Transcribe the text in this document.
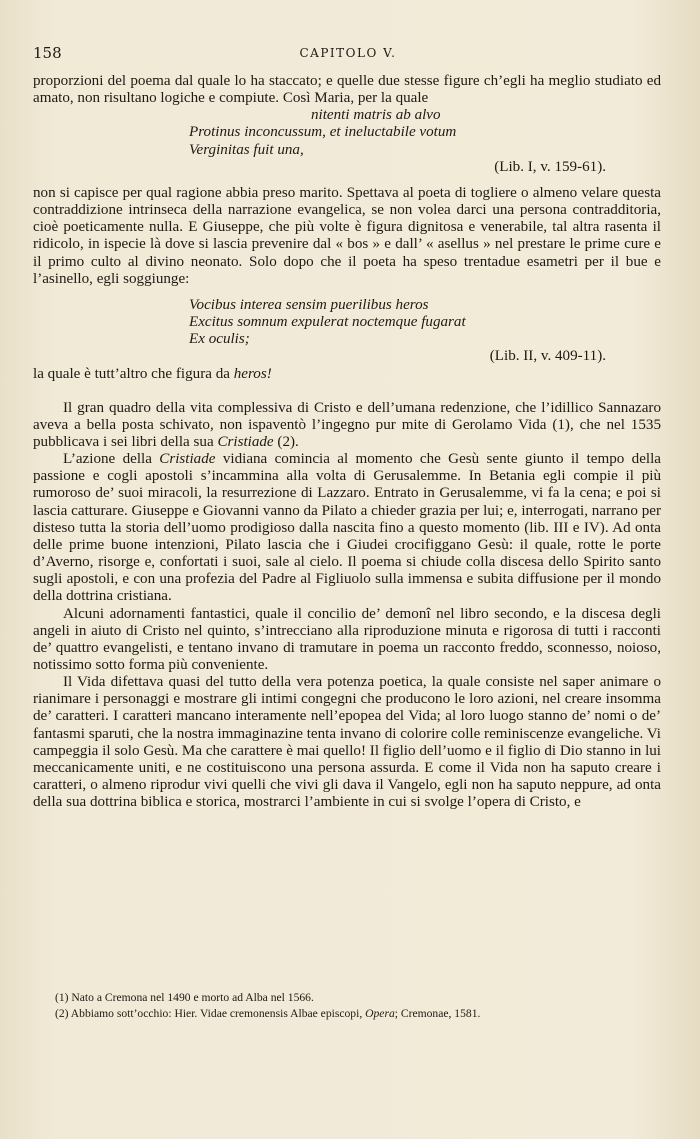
158	CAPITOLO V.

proporzioni del poema dal quale lo ha staccato; e quelle due stesse figure ch’egli ha meglio studiato ed amato, non risultano logiche e compiute. Così Maria, per la quale

nitenti matris ab alvo
Protinus inconcussum, et ineluctabile votum
Verginitas fuit una,
(Lib. I, v. 159-61).

non si capisce per qual ragione abbia preso marito. Spettava al poeta di togliere o almeno velare questa contraddizione intrinseca della narrazione evangelica, se non volea darci una persona contradditoria, cioè poeticamente nulla. E Giuseppe, che più volte è figura dignitosa e venerabile, tal altra rasenta il ridicolo, in ispecie là dove si lascia prevenire dal « bos » e dall’ « asellus » nel prestare le prime cure e il primo culto al divino neonato. Solo dopo che il poeta ha speso trentadue esametri per il bue e l’asinello, egli soggiunge:

Vocibus interea sensim puerilibus heros
Excitus somnum expulerat noctemque fugarat
Ex oculis;
(Lib. II, v. 409-11).

la quale è tutt’altro che figura da heros!

Il gran quadro della vita complessiva di Cristo e dell’umana redenzione, che l’idillico Sannazaro aveva a bella posta schivato, non ispaventò l’ingegno pur mite di Gerolamo Vida (1), che nel 1535 pubblicava i sei libri della sua Cristiade (2).

L’azione della Cristiade vidiana comincia al momento che Gesù sente giunto il tempo della passione e cogli apostoli s’incammina alla volta di Gerusalemme. In Betania egli compie il più rumoroso de’ suoi miracoli, la resurrezione di Lazzaro. Entrato in Gerusalemme, vi fa la cena; e poi si lascia catturare. Giuseppe e Giovanni vanno da Pilato a chieder grazia per lui; e, interrogati, narrano per disteso tutta la storia dell’uomo prodigioso dalla nascita fino a questo momento (lib. III e IV). Ad onta delle prime buone intenzioni, Pilato lascia che i Giudei crocifiggano Gesù: il quale, rotte le porte d’Averno, risorge e, confortati i suoi, sale al cielo. Il poema si chiude colla discesa dello Spirito santo sugli apostoli, e con una profezia del Padre al Figliuolo sulla immensa e subita diffusione per il mondo della dottrina cristiana.

Alcuni adornamenti fantastici, quale il concilio de’ demonî nel libro secondo, e la discesa degli angeli in aiuto di Cristo nel quinto, s’intrecciano alla riproduzione minuta e rigorosa di tutti i racconti de’ quattro evangelisti, e tentano invano di tramutare in poema un racconto freddo, sconnesso, noioso, notissimo sotto forma più conveniente.

Il Vida difettava quasi del tutto della vera potenza poetica, la quale consiste nel saper animare o rianimare i personaggi e mostrare gli intimi congegni che producono le loro azioni, nel creare insomma de’ caratteri. I caratteri mancano interamente nell’epopea del Vida; al loro luogo stanno de’ nomi o de’ fantasmi sparuti, che la nostra immaginazine tenta invano di colorire colle reminiscenze evangeliche. Vi campeggia il solo Gesù. Ma che carattere è mai quello! Il figlio dell’uomo e il figlio di Dio stanno in lui meccanicamente uniti, e ne costituiscono una persona assurda. E come il Vida non ha saputo creare i caratteri, o almeno riprodur vivi quelli che vivi gli dava il Vangelo, egli non ha saputo neppure, ad onta della sua dottrina biblica e storica, mostrarci l’ambiente in cui si svolge l’opera di Cristo, e

(1) Nato a Cremona nel 1490 e morto ad Alba nel 1566.
(2) Abbiamo sott’occhio: Hier. Vidae cremonensis Albae episcopi, Opera; Cremonae, 1581.
